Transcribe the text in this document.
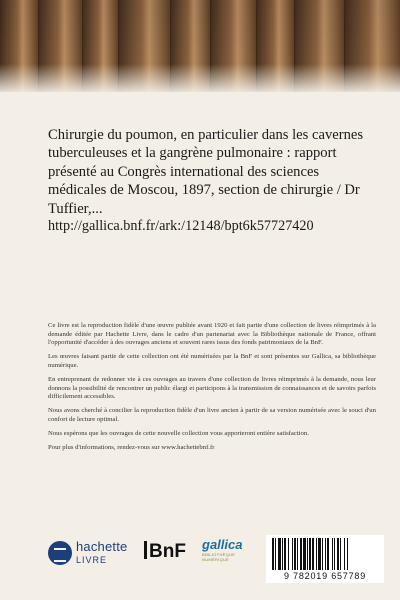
Chirurgie du poumon, en particulier dans les cavernes tuberculeuses et la gangrène pulmonaire : rapport présenté au Congrès international des sciences médicales de Moscou, 1897, section de chirurgie / Dr Tuffier,...
http://gallica.bnf.fr/ark:/12148/bpt6k57727420

Ce livre est la reproduction fidèle d'une œuvre publiée avant 1920 et fait partie d'une collection de livres réimprimés à la demande éditée par Hachette Livre, dans le cadre d'un partenariat avec la Bibliothèque nationale de France, offrant l'opportunité d'accéder à des ouvrages anciens et souvent rares issus des fonds patrimoniaux de la BnF.

Les œuvres faisant partie de cette collection ont été numérisées par la BnF et sont présentes sur Gallica, sa bibliothèque numérique.

En entreprenant de redonner vie à ces ouvrages au travers d'une collection de livres réimprimés à la demande, nous leur donnons la possibilité de rencontrer un public élargi et participons à la transmission de connaissances et de savoirs parfois difficilement accessibles.

Nous avons cherché à concilier la reproduction fidèle d'un livre ancien à partir de sa version numérisée avec le souci d'un confort de lecture optimal.

Nous espérons que les ouvrages de cette nouvelle collection vous apporteront entière satisfaction.

Pour plus d'informations, rendez-vous sur www.hachettebnf.fr

hachette
LIVRE BnF gallica
BIBLIOTHÈQUE NUMÉRIQUE
9 782019 657789
